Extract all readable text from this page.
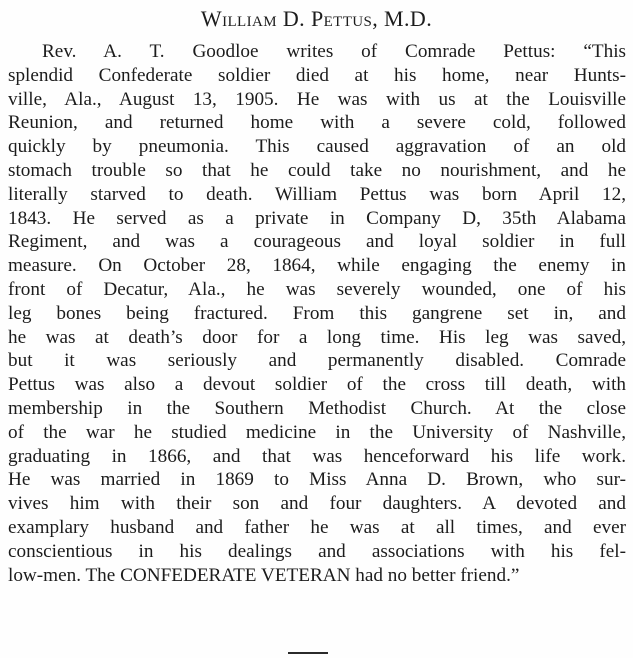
William D. Pettus, M.D.
Rev. A. T. Goodloe writes of Comrade Pettus: “This
splendid Confederate soldier died at his home, near Hunts-
ville, Ala., August 13, 1905. He was with us at the Louisville
Reunion, and returned home with a severe cold, followed
quickly by pneumonia. This caused aggravation of an old
stomach trouble so that he could take no nourishment, and he
literally starved to death. William Pettus was born April 12,
1843. He served as a private in Company D, 35th Alabama
Regiment, and was a courageous and loyal soldier in full
measure. On October 28, 1864, while engaging the enemy in
front of Decatur, Ala., he was severely wounded, one of his
leg bones being fractured. From this gangrene set in, and
he was at death’s door for a long time. His leg was saved,
but it was seriously and permanently disabled. Comrade
Pettus was also a devout soldier of the cross till death, with
membership in the Southern Methodist Church. At the close
of the war he studied medicine in the University of Nashville,
graduating in 1866, and that was henceforward his life work.
He was married in 1869 to Miss Anna D. Brown, who sur-
vives him with their son and four daughters. A devoted and
examplary husband and father he was at all times, and ever
conscientious in his dealings and associations with his fel-
low-men. The CONFEDERATE VETERAN had no better friend.”
